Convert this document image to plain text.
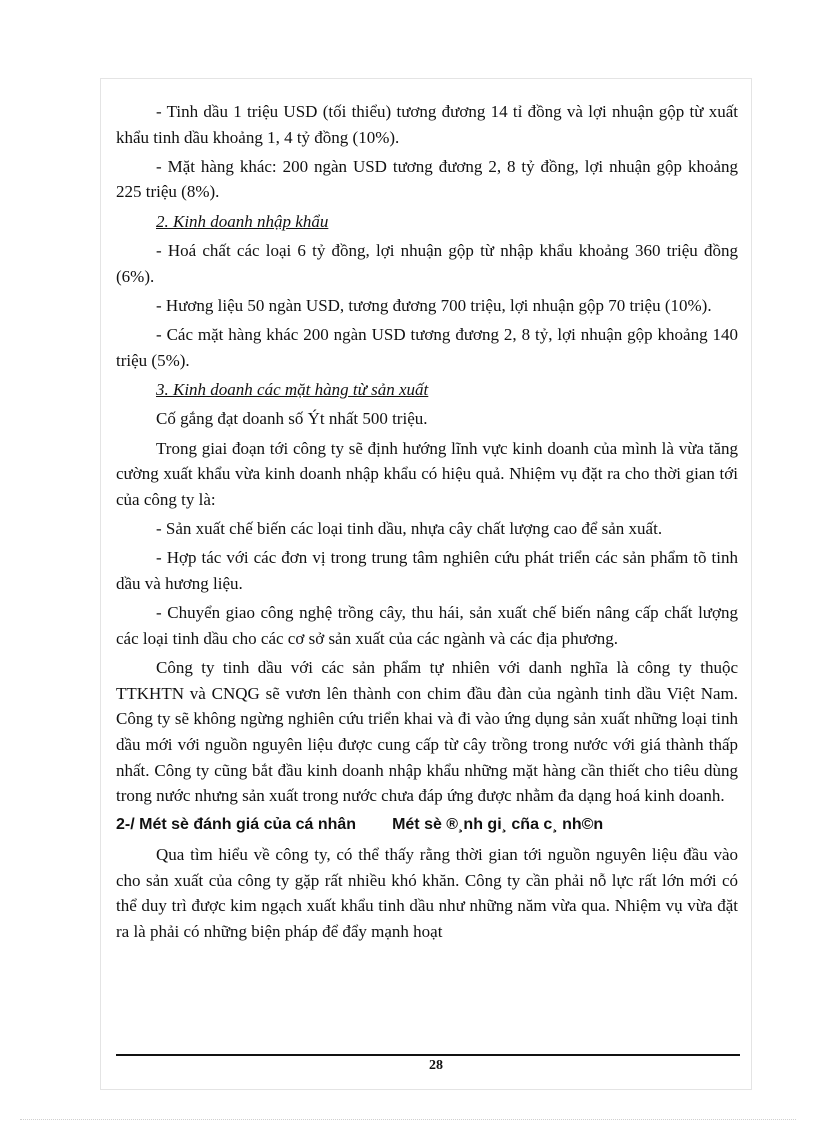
- Tinh dầu 1 triệu USD (tối thiểu) tương đương 14 tỉ đồng và lợi nhuận gộp từ xuất khẩu tinh dầu khoảng 1, 4 tỷ đồng (10%).

- Mặt hàng khác: 200 ngàn USD tương đương 2, 8 tỷ đồng, lợi nhuận gộp khoảng 225 triệu (8%).

2. Kinh doanh nhập khẩu

- Hoá chất các loại 6 tỷ đồng, lợi nhuận gộp từ nhập khẩu khoảng 360 triệu đồng (6%).

- Hương liệu 50 ngàn USD, tương đương 700 triệu, lợi nhuận gộp 70 triệu (10%).

- Các mặt hàng khác 200 ngàn USD tương đương 2, 8 tỷ, lợi nhuận gộp khoảng 140 triệu (5%).

3. Kinh doanh các mặt hàng từ sản xuất

Cố gắng đạt doanh số Ýt nhất 500 triệu.

Trong giai đoạn tới công ty sẽ định hướng lĩnh vực kinh doanh của mình là vừa tăng cường xuất khẩu vừa kinh doanh nhập khẩu có hiệu quả. Nhiệm vụ đặt ra cho thời gian tới của công ty là:

- Sản xuất chế biến các loại tinh dầu, nhựa cây chất lượng cao để sản xuất.

- Hợp tác với các đơn vị trong trung tâm nghiên cứu phát triển các sản phẩm tõ tinh dầu và hương liệu.

- Chuyển giao công nghệ trồng cây, thu hái, sản xuất chế biến nâng cấp chất lượng các loại tinh dầu cho các cơ sở sản xuất của các ngành và các địa phương.

Công ty tinh dầu với các sản phẩm tự nhiên với danh nghĩa là công ty thuộc TTKHTN và CNQG sẽ vươn lên thành con chim đầu đàn của ngành tinh dầu Việt Nam. Công ty sẽ không ngừng nghiên cứu triển khai và đi vào ứng dụng sản xuất những loại tinh dầu mới với nguồn nguyên liệu được cung cấp từ cây trồng trong nước với giá thành thấp nhất. Công ty cũng bắt đầu kinh doanh nhập khẩu những mặt hàng cần thiết cho tiêu dùng trong nước nhưng sản xuất trong nước chưa đáp ứng được nhằm đa dạng hoá kinh doanh.

2-/ Mét sè đánh giá của cá nhân Mét sè ®¸nh gi¸ cña c¸ nh©n

Qua tìm hiểu về công ty, có thể thấy rằng thời gian tới nguồn nguyên liệu đầu vào cho sản xuất của công ty gặp rất nhiều khó khăn. Công ty cần phải nỗ lực rất lớn mới có thể duy trì được kim ngạch xuất khẩu tinh dầu như những năm vừa qua. Nhiệm vụ vừa đặt ra là phải có những biện pháp để đẩy mạnh hoạt

28
